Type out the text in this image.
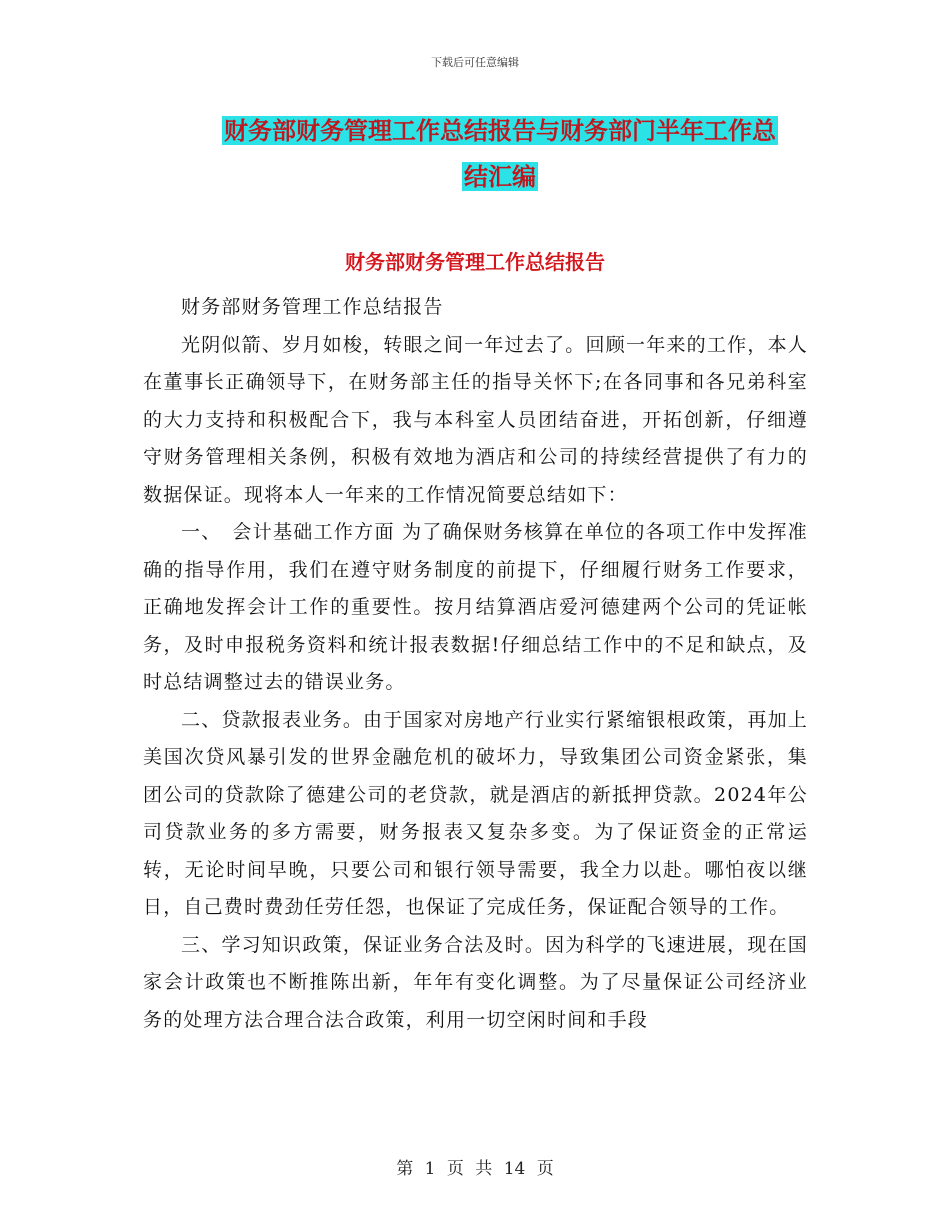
下载后可任意编辑
财务部财务管理工作总结报告与财务部门半年工作总
结汇编
财务部财务管理工作总结报告

财务部财务管理工作总结报告

光阴似箭、岁月如梭，转眼之间一年过去了。回顾一年来的工作，本人在董事长正确领导下，在财务部主任的指导关怀下;在各同事和各兄弟科室的大力支持和积极配合下，我与本科室人员团结奋进，开拓创新，仔细遵守财务管理相关条例，积极有效地为酒店和公司的持续经营提供了有力的数据保证。现将本人一年来的工作情况简要总结如下：

一、　会计基础工作方面 为了确保财务核算在单位的各项工作中发挥准确的指导作用，我们在遵守财务制度的前提下，仔细履行财务工作要求，正确地发挥会计工作的重要性。按月结算酒店爱河德建两个公司的凭证帐务，及时申报税务资料和统计报表数据!仔细总结工作中的不足和缺点，及时总结调整过去的错误业务。

二、贷款报表业务。由于国家对房地产行业实行紧缩银根政策，再加上美国次贷风暴引发的世界金融危机的破坏力，导致集团公司资金紧张，集团公司的贷款除了德建公司的老贷款，就是酒店的新抵押贷款。2024年公司贷款业务的多方需要，财务报表又复杂多变。为了保证资金的正常运转，无论时间早晚，只要公司和银行领导需要，我全力以赴。哪怕夜以继日，自己费时费劲任劳任怨，也保证了完成任务，保证配合领导的工作。

三、学习知识政策，保证业务合法及时。因为科学的飞速进展，现在国家会计政策也不断推陈出新，年年有变化调整。为了尽量保证公司经济业务的处理方法合理合法合政策，利用一切空闲时间和手段

第 1 页 共 14 页
